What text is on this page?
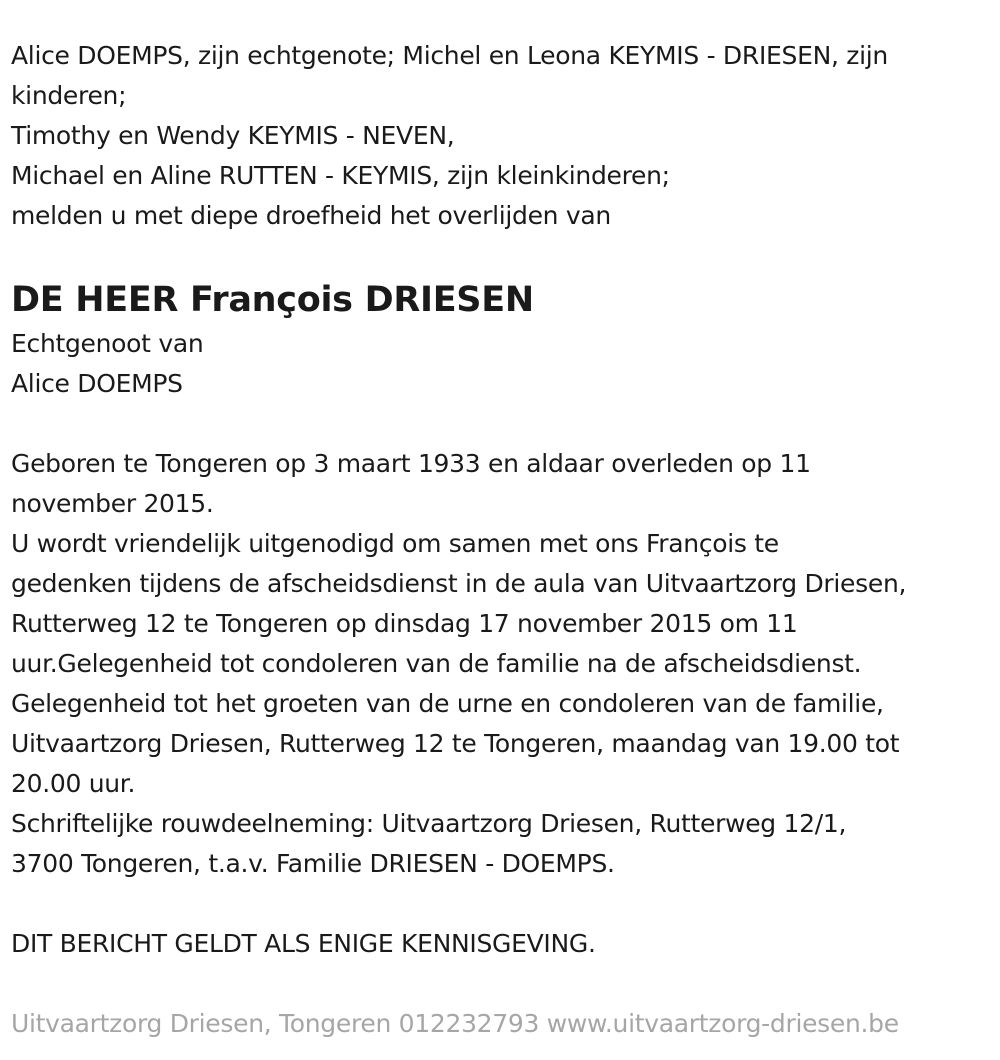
Alice DOEMPS, zijn echtgenote; Michel en Leona KEYMIS - DRIESEN, zijn

kinderen;

Timothy en Wendy KEYMIS - NEVEN,

Michael en Aline RUTTEN - KEYMIS, zijn kleinkinderen;

melden u met diepe droefheid het overlijden van

DE HEER François DRIESEN

Echtgenoot van

Alice DOEMPS

Geboren te Tongeren op 3 maart 1933 en aldaar overleden op 11

november 2015.

U wordt vriendelijk uitgenodigd om samen met ons François te

gedenken tijdens de afscheidsdienst in de aula van Uitvaartzorg Driesen,

Rutterweg 12 te Tongeren op dinsdag 17 november 2015 om 11

uur.Gelegenheid tot condoleren van de familie na de afscheidsdienst.

Gelegenheid tot het groeten van de urne en condoleren van de familie,

Uitvaartzorg Driesen, Rutterweg 12 te Tongeren, maandag van 19.00 tot

20.00 uur.

Schriftelijke rouwdeelneming: Uitvaartzorg Driesen, Rutterweg 12/1,

3700 Tongeren, t.a.v. Familie DRIESEN - DOEMPS.

DIT BERICHT GELDT ALS ENIGE KENNISGEVING.

Uitvaartzorg Driesen, Tongeren 012232793 www.uitvaartzorg-driesen.be
